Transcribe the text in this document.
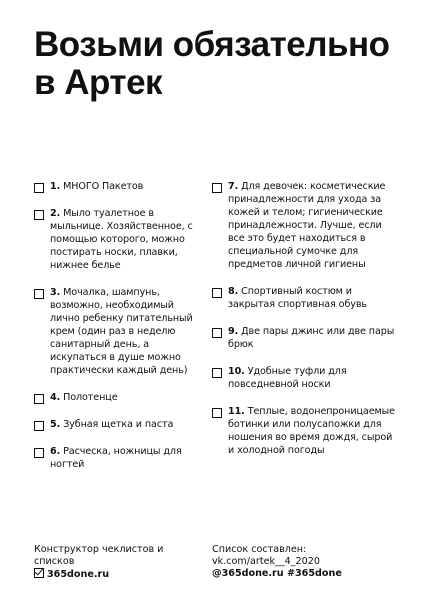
Возьми обязательно в Артек
1. МНОГО Пакетов
2. Мыло туалетное в мыльнице. Хозяйственное, с помощью которого, можно постирать носки, плавки, нижнее белье
3. Мочалка, шампунь, возможно, необходимый лично ребенку питательный крем (один раз в неделю санитарный день, а искупаться в душе можно практически каждый день)
4. Полотенце
5. Зубная щетка и паста
6. Расческа, ножницы для ногтей
7. Для девочек: косметические принадлежности для ухода за кожей и телом; гигиенические принадлежности. Лучше, если все это будет находиться в специальной сумочке для предметов личной гигиены
8. Спортивный костюм и закрытая спортивная обувь
9. Две пары джинс или две пары брюк
10. Удобные туфли для повседневной носки
11. Теплые, водонепроницаемые ботинки или полусапожки для ношения во время дождя, сырой и холодной погоды
Конструктор чеклистов и списков
365done.ru
Список составлен:
vk.com/artek__4_2020
@365done.ru #365done
